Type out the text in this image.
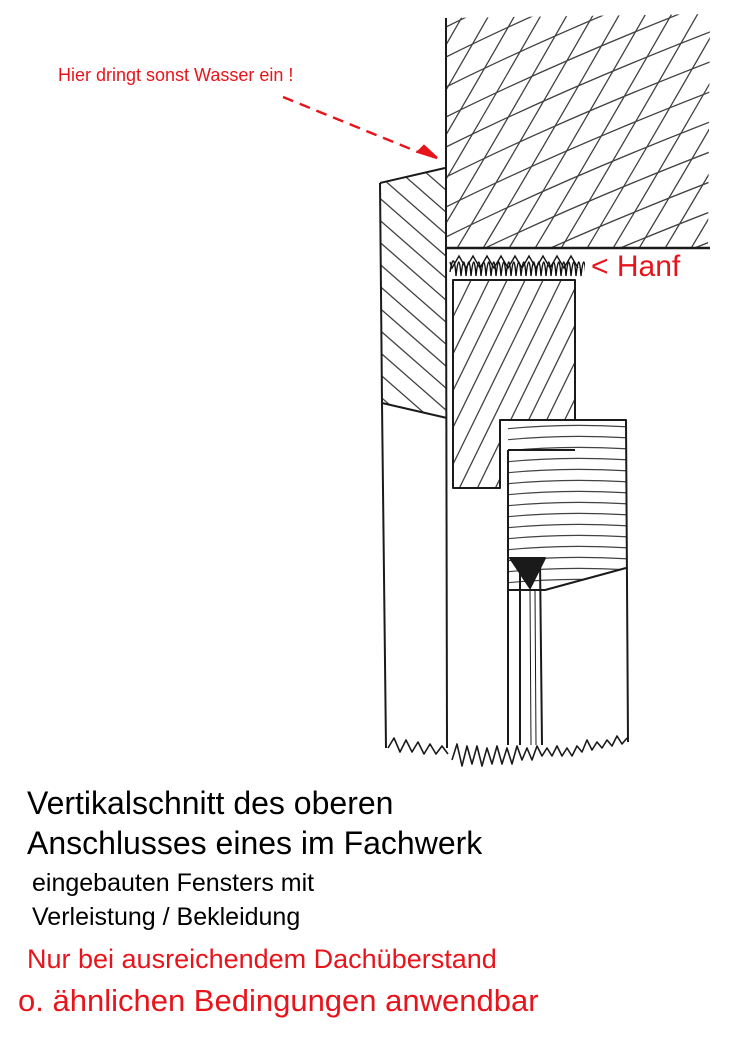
Hier dringt sonst Wasser ein !
< Hanf
Vertikalschnitt des oberen
Anschlusses eines im Fachwerk
eingebauten Fensters mit
Verleistung / Bekleidung
Nur bei ausreichendem Dachüberstand
o. ähnlichen Bedingungen anwendbar
